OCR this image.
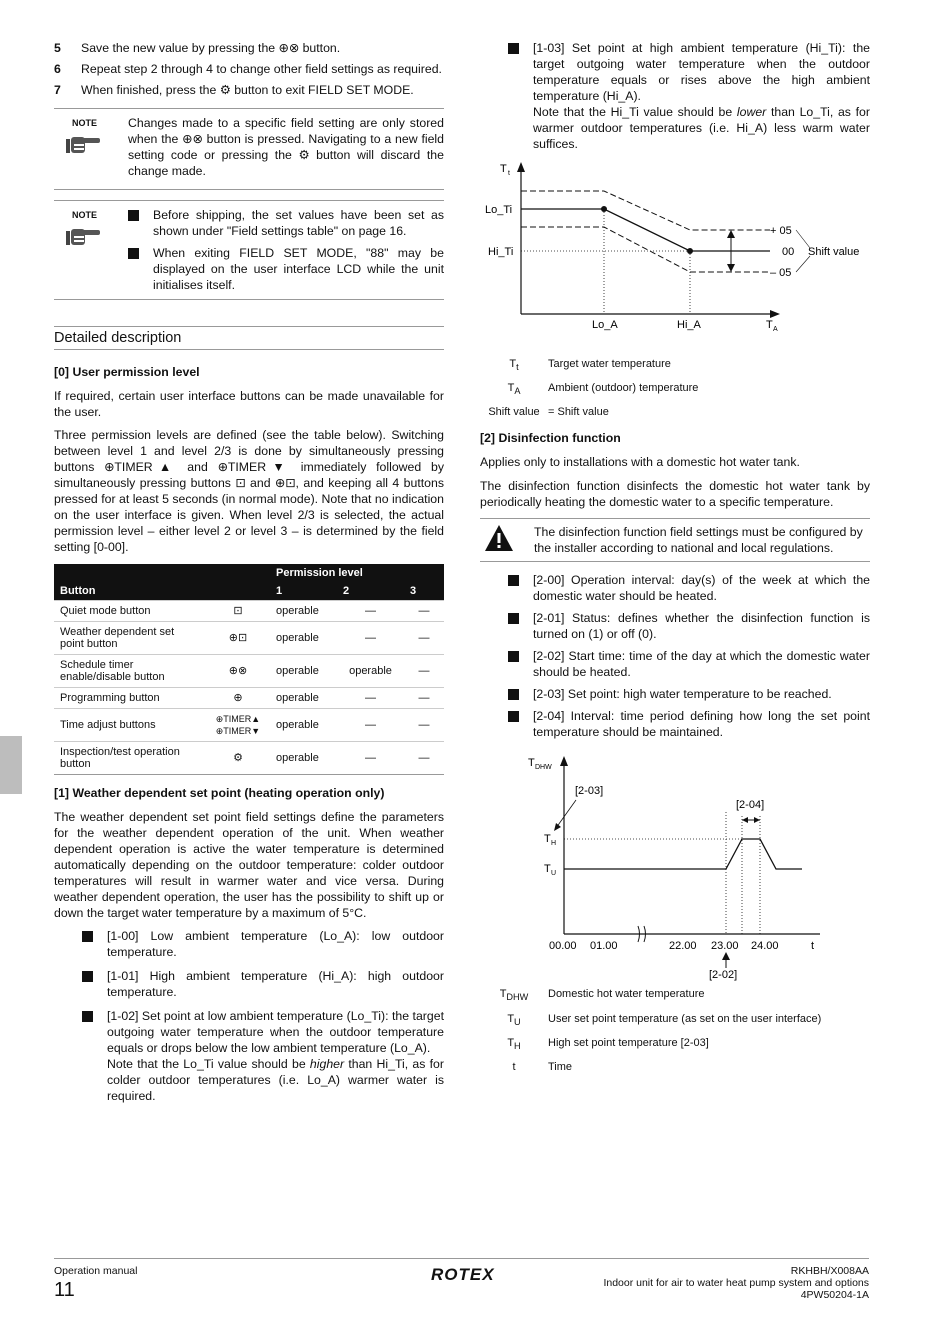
5	Save the new value by pressing the ⊕⊗ button.
6	Repeat step 2 through 4 to change other field settings as required.
7	When finished, press the ⚙ button to exit FIELD SET MODE.
NOTE	Changes made to a specific field setting are only stored when the ⊕⊗ button is pressed. Navigating to a new field setting code or pressing the ⚙ button will discard the change made.
NOTE	Before shipping, the set values have been set as shown under "Field settings table" on page 16.
When exiting FIELD SET MODE, "88" may be displayed on the user interface LCD while the unit initialises itself.
Detailed description
[0] User permission level

If required, certain user interface buttons can be made unavailable for the user.

Three permission levels are defined (see the table below). Switching between level 1 and level 2/3 is done by simultaneously pressing buttons ⊕TIMER▲ and ⊕TIMER▼ immediately followed by simultaneously pressing buttons ⊡ and ⊕⊡, and keeping all 4 buttons pressed for at least 5 seconds (in normal mode). Note that no indication on the user interface is given. When level 2/3 is selected, the actual permission level – either level 2 or level 3 – is determined by the field setting [0-00].

		Permission level		
Button			1	2	3
Quiet mode button	⊡	operable	—	—
Weather dependent set point button	⊕⊡	operable	—	—
Schedule timer enable/disable button	⊕⊗	operable	operable	—
Programming button	⊕	operable	—	—
Time adjust buttons	⊕TIMER▲ ⊕TIMER▼	operable	—	—
Inspection/test operation button	⚙	operable	—	—
[1] Weather dependent set point (heating operation only)

The weather dependent set point field settings define the parameters for the weather dependent operation of the unit. When weather dependent operation is active the water temperature is determined automatically depending on the outdoor temperature: colder outdoor temperatures will result in warmer water and vice versa. During weather dependent operation, the user has the possibility to shift up or down the target water temperature by a maximum of 5°C.

[1-00] Low ambient temperature (Lo_A): low outdoor temperature.
[1-01] High ambient temperature (Hi_A): high outdoor temperature.
[1-02] Set point at low ambient temperature (Lo_Ti): the target outgoing water temperature when the outdoor temperature equals or drops below the low ambient temperature (Lo_A).
Note that the Lo_Ti value should be higher than Hi_Ti, as for colder outdoor temperatures (i.e. Lo_A) warmer water is required.
[1-03] Set point at high ambient temperature (Hi_Ti): the target outgoing water temperature when the outdoor temperature equals or rises above the high ambient temperature (Hi_A).
Note that the Hi_Ti value should be lower than Lo_Ti, as for warmer outdoor temperatures (i.e. Hi_A) less warm water suffices.
T t
T A
Lo_Ti
Hi_Ti
Lo_A	Hi_A
+ 05
00
– 05
Shift value
$T_t$	Target water temperature
$T_A$	Ambient (outdoor) temperature
Shift value = Shift value
[2] Disinfection function

Applies only to installations with a domestic hot water tank.

The disinfection function disinfects the domestic hot water tank by periodically heating the domestic water to a specific temperature.

The disinfection function field settings must be configured by the installer according to national and local regulations.
[2-00] Operation interval: day(s) of the week at which the domestic water should be heated.
[2-01] Status: defines whether the disinfection function is turned on (1) or off (0).
[2-02] Start time: time of the day at which the domestic water should be heated.
[2-03] Set point: high water temperature to be reached.
[2-04] Interval: time period defining how long the set point temperature should be maintained.
T DHW
T H
T U
[2-04]
[2-03]
00.00 01.00	22.00 23.00 24.00	t
[2-02]
$T_{DHW}$	Domestic hot water temperature
$T_U$	User set point temperature (as set on the user interface)
$T_H$	High set point temperature [2-03]
t	Time
Operation manual
11
ROTEX	RKHBH/X008AA
Indoor unit for air to water heat pump system and options
4PW50204-1A
